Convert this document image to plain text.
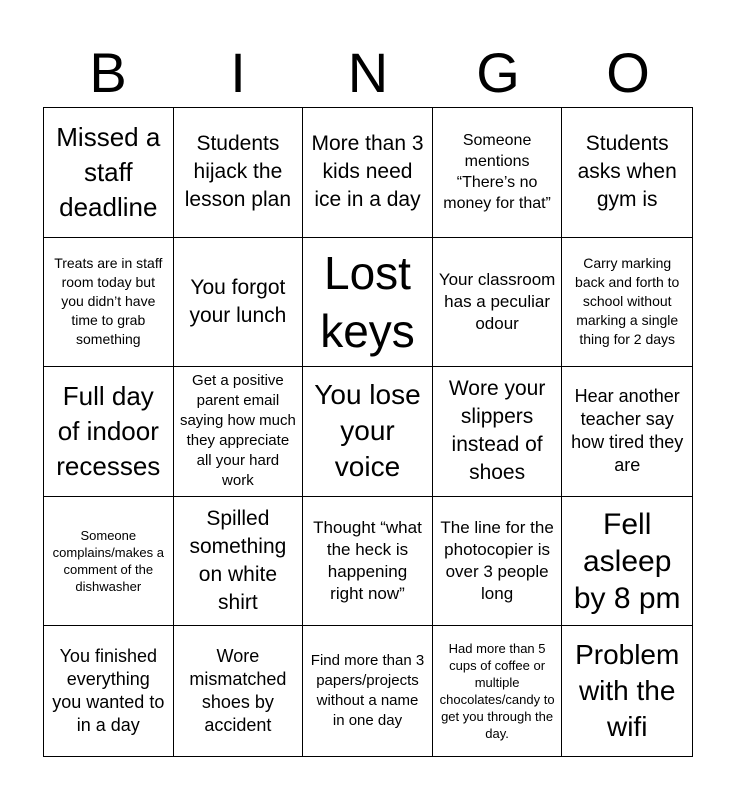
B	I	N	G	O
Missed a staff deadline
Students hijack the lesson plan
More than 3 kids need ice in a day
Someone mentions “There’s no money for that”
Students asks when gym is
Treats are in staff room today but you didn’t have time to grab something
You forgot your lunch
Lost keys
Your classroom has a peculiar odour
Carry marking back and forth to school without marking a single thing for 2 days
Full day of indoor recesses
Get a positive parent email saying how much they appreciate all your hard work
You lose your voice
Wore your slippers instead of shoes
Hear another teacher say how tired they are
Someone complains/makes a comment of the dishwasher
Spilled something on white shirt
Thought “what the heck is happening right now”
The line for the photocopier is over 3 people long
Fell asleep by 8 pm
You finished everything you wanted to in a day
Wore mismatched shoes by accident
Find more than 3 papers/projects without a name in one day
Had more than 5 cups of coffee or multiple chocolates/candy to get you through the day.
Problem with the wifi
